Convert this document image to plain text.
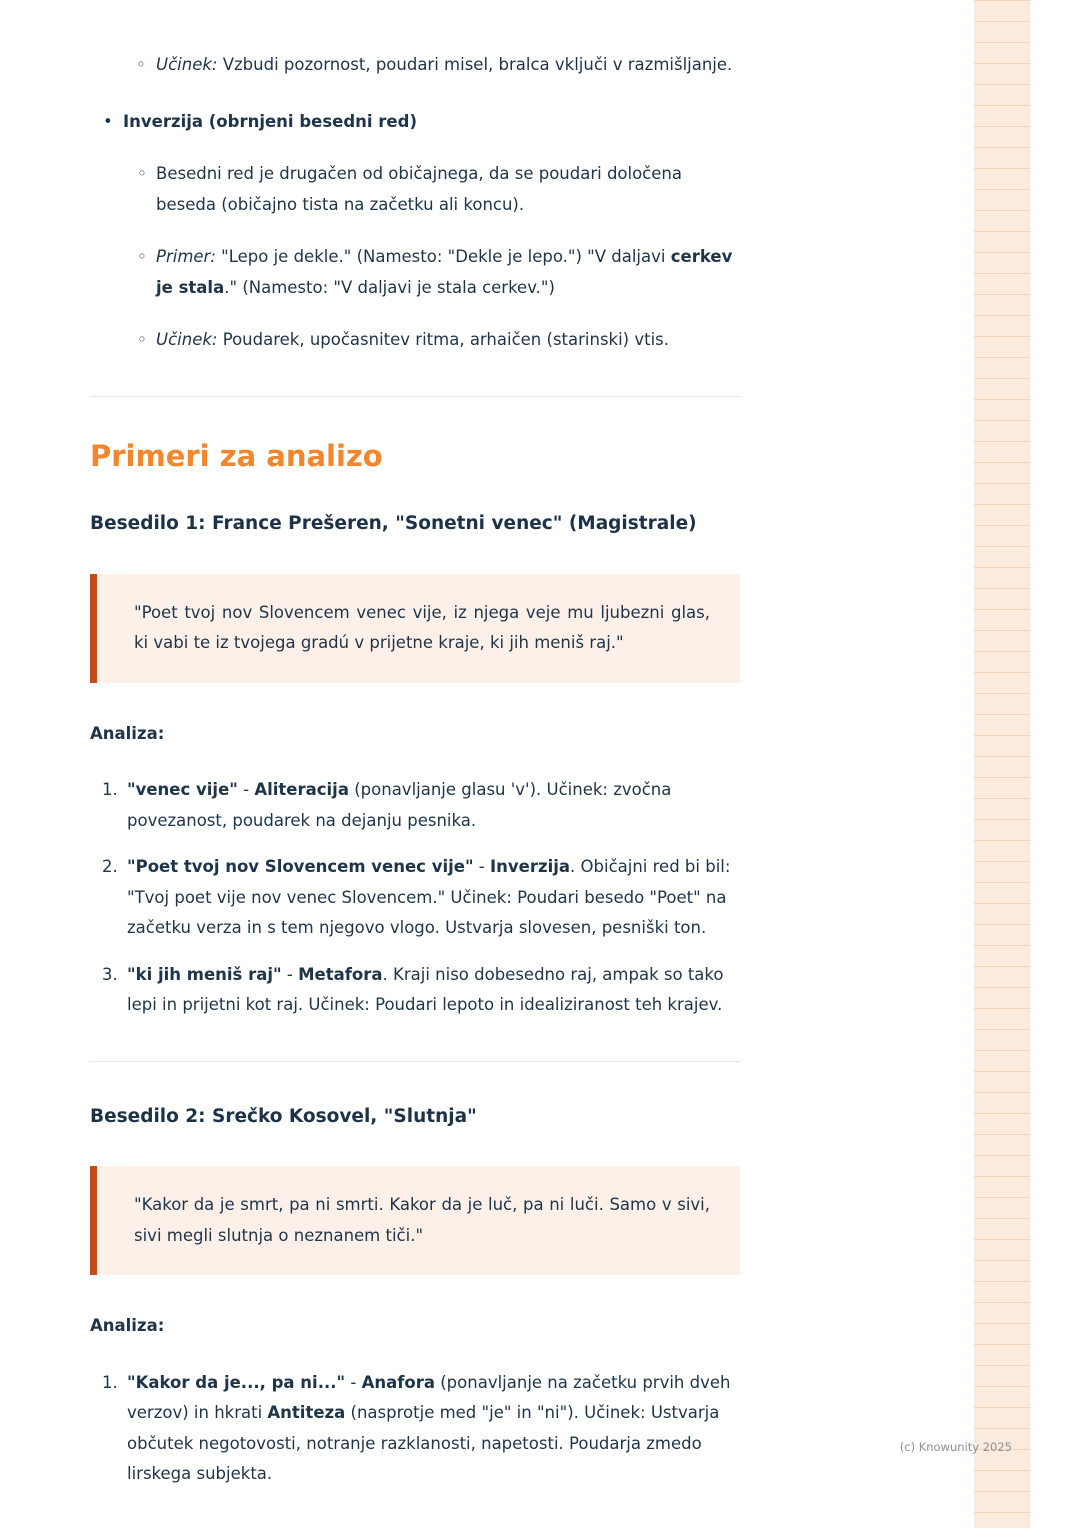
◦ Učinek: Vzbudi pozornost, poudari misel, bralca vključi v razmišljanje.
• Inverzija (obrnjeni besedni red)
◦ Besedni red je drugačen od običajnega, da se poudari določena beseda (običajno tista na začetku ali koncu).
◦ Primer: "Lepo je dekle." (Namesto: "Dekle je lepo.") "V daljavi cerkev je stala." (Namesto: "V daljavi je stala cerkev.")
◦ Učinek: Poudarek, upočasnitev ritma, arhaičen (starinski) vtis.
Primeri za analizo
Besedilo 1: France Prešeren, "Sonetni venec" (Magistrale)

"Poet tvoj nov Slovencem venec vije, iz njega veje mu ljubezni glas, ki vabi te iz tvojega gradú v prijetne kraje, ki jih meniš raj."

Analiza:

"venec vije" - Aliteracija (ponavljanje glasu 'v'). Učinek: zvočna povezanost, poudarek na dejanju pesnika.
"Poet tvoj nov Slovencem venec vije" - Inverzija. Običajni red bi bil: "Tvoj poet vije nov venec Slovencem." Učinek: Poudari besedo "Poet" na začetku verza in s tem njegovo vlogo. Ustvarja slovesen, pesniški ton.
"ki jih meniš raj" - Metafora. Kraji niso dobesedno raj, ampak so tako lepi in prijetni kot raj. Učinek: Poudari lepoto in idealiziranost teh krajev.
Besedilo 2: Srečko Kosovel, "Slutnja"

"Kakor da je smrt, pa ni smrti. Kakor da je luč, pa ni luči. Samo v sivi, sivi megli slutnja o neznanem tiči."

Analiza:

"Kakor da je..., pa ni..." - Anafora (ponavljanje na začetku prvih dveh verzov) in hkrati Antiteza (nasprotje med "je" in "ni"). Učinek: Ustvarja občutek negotovosti, notranje razklanosti, napetosti. Poudarja zmedo lirskega subjekta.
(c) Knowunity 2025
